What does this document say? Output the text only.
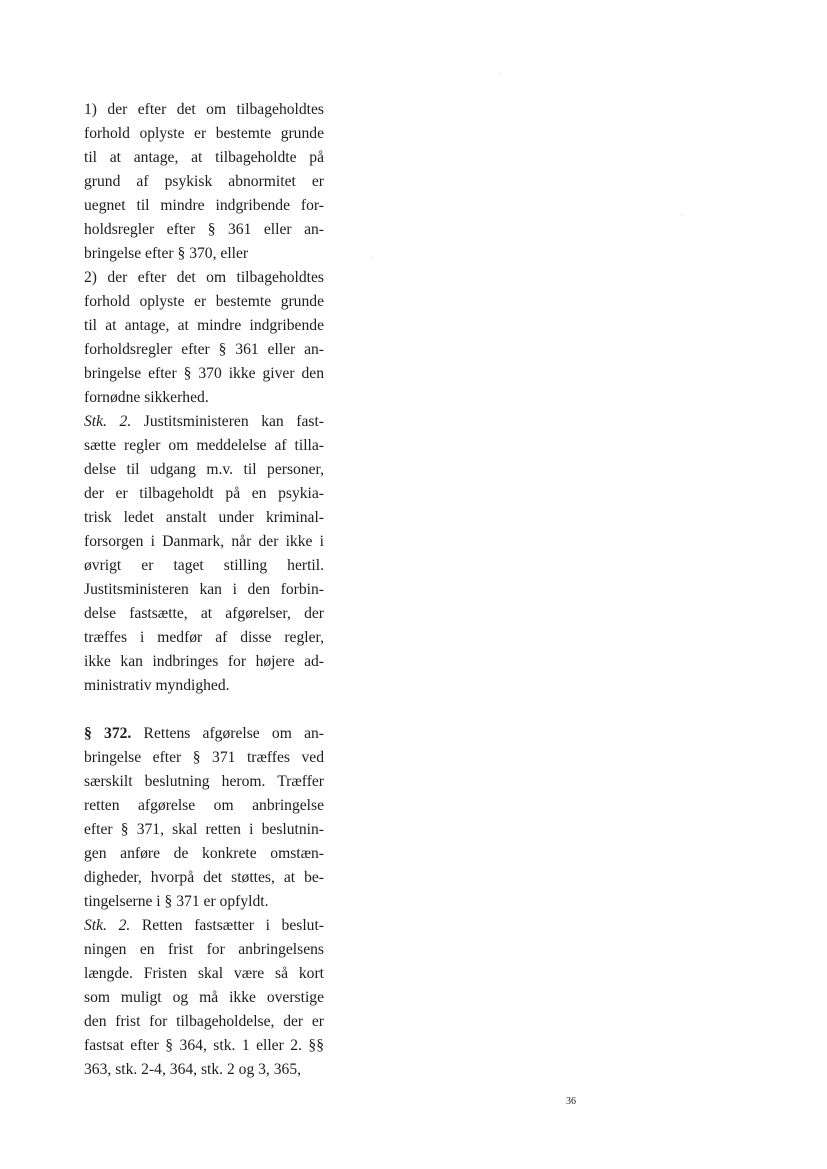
1) der efter det om tilbageholdtes
forhold oplyste er bestemte grunde
til at antage, at tilbageholdte på
grund af psykisk abnormitet er
uegnet til mindre indgribende for-
holdsregler efter § 361 eller an-
bringelse efter § 370, eller
2) der efter det om tilbageholdtes
forhold oplyste er bestemte grunde
til at antage, at mindre indgribende
forholdsregler efter § 361 eller an-
bringelse efter § 370 ikke giver den
fornødne sikkerhed.
Stk. 2. Justitsministeren kan fast-
sætte regler om meddelelse af tilla-
delse til udgang m.v. til personer,
der er tilbageholdt på en psykia-
trisk ledet anstalt under kriminal-
forsorgen i Danmark, når der ikke i
øvrigt er taget stilling hertil.
Justitsministeren kan i den forbin-
delse fastsætte, at afgørelser, der
træffes i medfør af disse regler,
ikke kan indbringes for højere ad-
ministrativ myndighed.
§ 372. Rettens afgørelse om an-
bringelse efter § 371 træffes ved
særskilt beslutning herom. Træffer
retten afgørelse om anbringelse
efter § 371, skal retten i beslutnin-
gen anføre de konkrete omstæn-
digheder, hvorpå det støttes, at be-
tingelserne i § 371 er opfyldt.
Stk. 2. Retten fastsætter i beslut-
ningen en frist for anbringelsens
længde. Fristen skal være så kort
som muligt og må ikke overstige
den frist for tilbageholdelse, der er
fastsat efter § 364, stk. 1 eller 2. §§
363, stk. 2-4, 364, stk. 2 og 3, 365,
36
